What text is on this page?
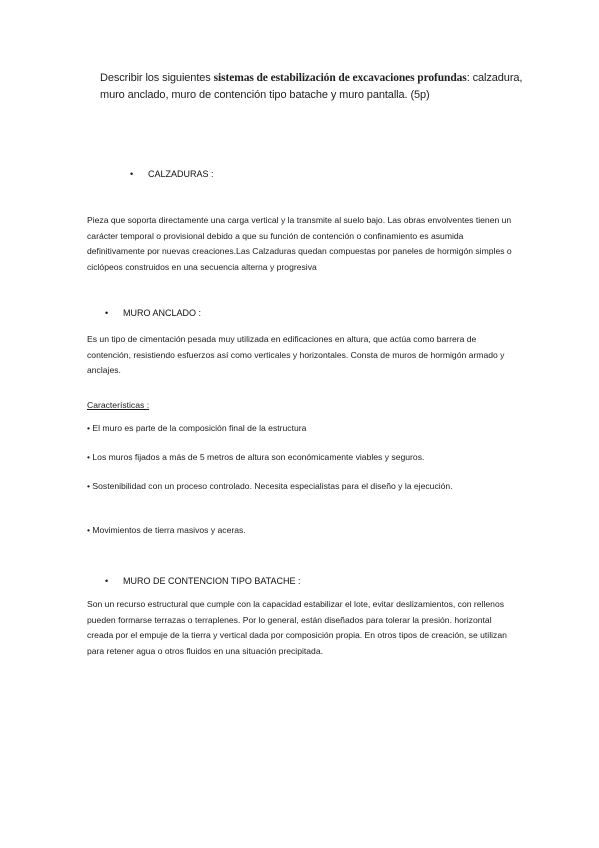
Describir los siguientes sistemas de estabilización de excavaciones profundas: calzadura, muro anclado, muro de contención tipo batache y muro pantalla. (5p)
• CALZADURAS :
Pieza que soporta directamente una carga vertical y la transmite al suelo bajo. Las obras envolventes tienen un carácter temporal o provisional debido a que su función de contención o confinamiento es asumida definitivamente por nuevas creaciones.Las Calzaduras quedan compuestas por paneles de hormigón simples o ciclópeos construidos en una secuencia alterna y progresiva
• MURO ANCLADO :
Es un tipo de cimentación pesada muy utilizada en edificaciones en altura, que actúa como barrera de contención, resistiendo esfuerzos así como verticales y horizontales. Consta de muros de hormigón armado y anclajes.
Características :
• El muro es parte de la composición final de la estructura
• Los muros fijados a más de 5 metros de altura son económicamente viables y seguros.
• Sostenibilidad con un proceso controlado. Necesita especialistas para el diseño y la ejecución.
• Movimientos de tierra masivos y aceras.
• MURO DE CONTENCION TIPO BATACHE :
Son un recurso estructural que cumple con la capacidad estabilizar el lote, evitar deslizamientos, con rellenos pueden formarse terrazas o terraplenes. Por lo general, están diseñados para tolerar la presión. horizontal creada por el empuje de la tierra y vertical dada por composición propia. En otros tipos de creación, se utilizan para retener agua o otros fluidos en una situación precipitada.
